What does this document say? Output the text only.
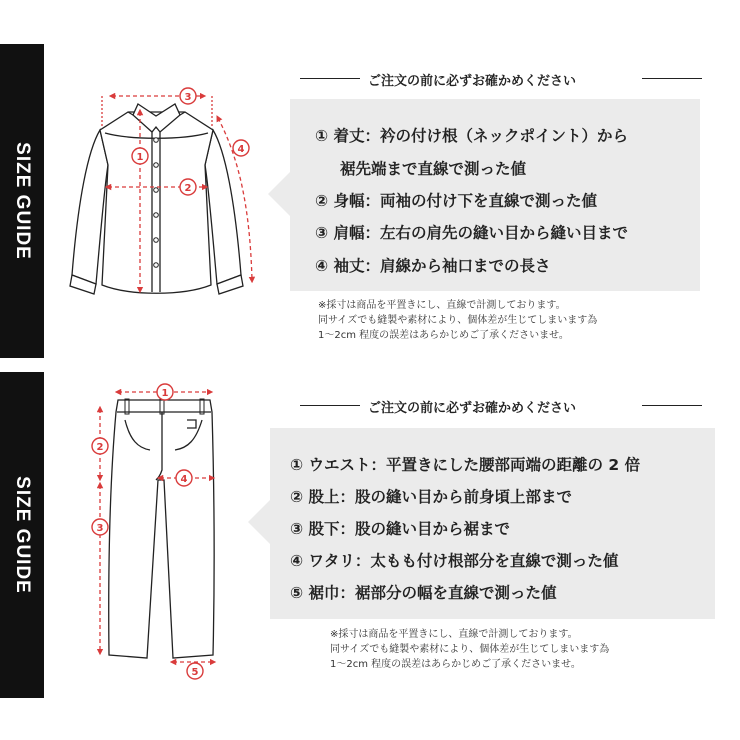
SIZE GUIDE
ご注文の前に必ずお確かめください
① 着丈：衿の付け根（ネックポイント）から
裾先端まで直線で測った値
② 身幅：両袖の付け下を直線で測った値
③ 肩幅：左右の肩先の縫い目から縫い目まで
④ 袖丈：肩線から袖口までの長さ
※採寸は商品を平置きにし、直線で計測しております。
同サイズでも縫製や素材により、個体差が生じてしまいます為
1～2cm 程度の誤差はあらかじめご了承くださいませ。
SIZE GUIDE
ご注文の前に必ずお確かめください
① ウエスト：平置きにした腰部両端の距離の 2 倍
② 股上：股の縫い目から前身頃上部まで
③ 股下：股の縫い目から裾まで
④ ワタリ：太もも付け根部分を直線で測った値
⑤ 裾巾：裾部分の幅を直線で測った値
※採寸は商品を平置きにし、直線で計測しております。
同サイズでも縫製や素材により、個体差が生じてしまいます為
1～2cm 程度の誤差はあらかじめご了承くださいませ。
3
1
2
4
1
2
3
4
5
